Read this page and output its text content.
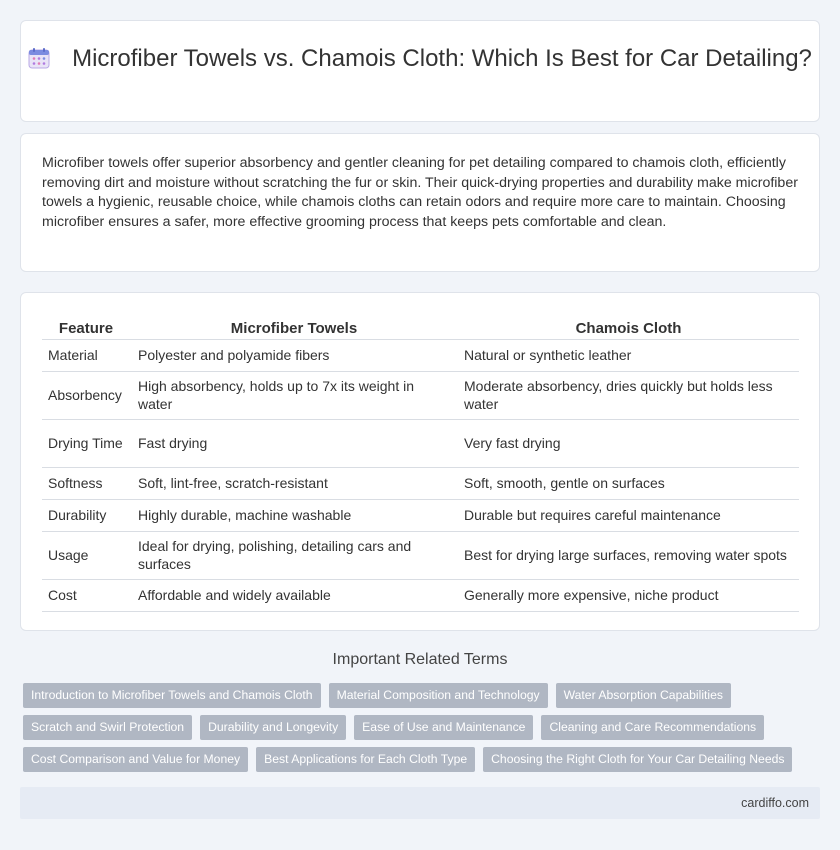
Microfiber Towels vs. Chamois Cloth: Which Is Best for Car Detailing?

Microfiber towels offer superior absorbency and gentler cleaning for pet detailing compared to chamois cloth, efficiently removing dirt and moisture without scratching the fur or skin. Their quick-drying properties and durability make microfiber towels a hygienic, reusable choice, while chamois cloths can retain odors and require more care to maintain. Choosing microfiber ensures a safer, more effective grooming process that keeps pets comfortable and clean.

Feature	Microfiber Towels	Chamois Cloth
Material	Polyester and polyamide fibers	Natural or synthetic leather
Absorbency	High absorbency, holds up to 7x its weight in water	Moderate absorbency, dries quickly but holds less water
Drying Time	Fast drying	Very fast drying
Softness	Soft, lint-free, scratch-resistant	Soft, smooth, gentle on surfaces
Durability	Highly durable, machine washable	Durable but requires careful maintenance
Usage	Ideal for drying, polishing, detailing cars and surfaces	Best for drying large surfaces, removing water spots
Cost	Affordable and widely available	Generally more expensive, niche product
Important Related Terms
Introduction to Microfiber Towels and Chamois Cloth	Material Composition and Technology	Water Absorption Capabilities
Scratch and Swirl Protection	Durability and Longevity	Ease of Use and Maintenance	Cleaning and Care Recommendations
Cost Comparison and Value for Money	Best Applications for Each Cloth Type	Choosing the Right Cloth for Your Car Detailing Needs
cardiffo.com
